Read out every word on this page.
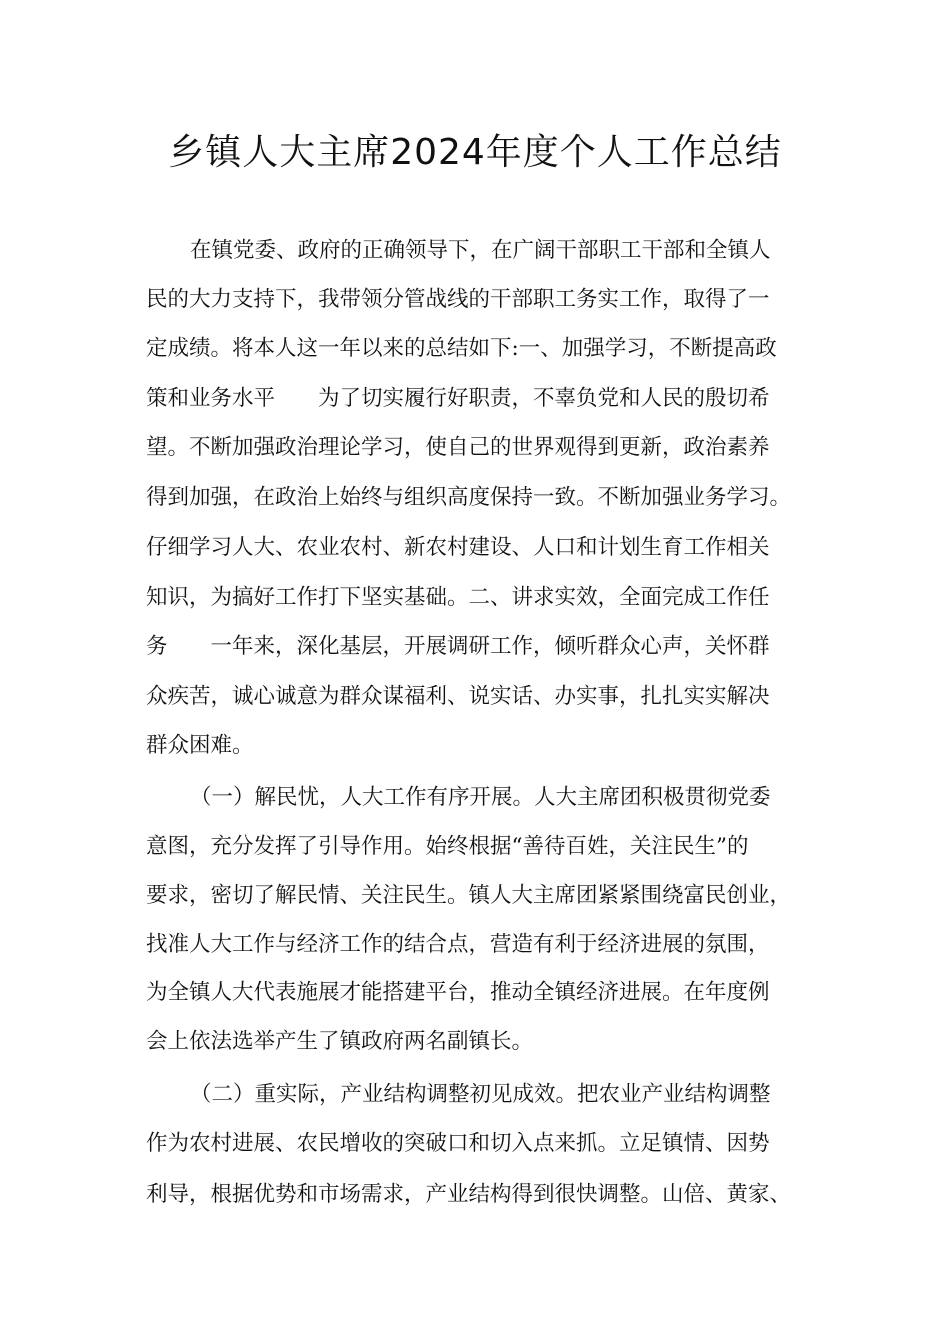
乡镇人大主席2024年度个人工作总结
在镇党委、政府的正确领导下，在广阔干部职工干部和全镇人
民的大力支持下，我带领分管战线的干部职工务实工作，取得了一
定成绩。将本人这一年以来的总结如下:一、加强学习，不断提高政
策和业务水平　　为了切实履行好职责，不辜负党和人民的殷切希
望。不断加强政治理论学习，使自己的世界观得到更新，政治素养
得到加强，在政治上始终与组织高度保持一致。不断加强业务学习。
仔细学习人大、农业农村、新农村建设、人口和计划生育工作相关
知识，为搞好工作打下坚实基础。二、讲求实效，全面完成工作任
务　　一年来，深化基层，开展调研工作，倾听群众心声，关怀群
众疾苦，诚心诚意为群众谋福利、说实话、办实事，扎扎实实解决
群众困难。
（一）解民忧，人大工作有序开展。人大主席团积极贯彻党委
意图，充分发挥了引导作用。始终根据“善待百姓，关注民生”的
要求，密切了解民情、关注民生。镇人大主席团紧紧围绕富民创业，
找准人大工作与经济工作的结合点，营造有利于经济进展的氛围，
为全镇人大代表施展才能搭建平台，推动全镇经济进展。在年度例
会上依法选举产生了镇政府两名副镇长。
（二）重实际，产业结构调整初见成效。把农业产业结构调整
作为农村进展、农民增收的突破口和切入点来抓。立足镇情、因势
利导，根据优势和市场需求，产业结构得到很快调整。山倍、黄家、
